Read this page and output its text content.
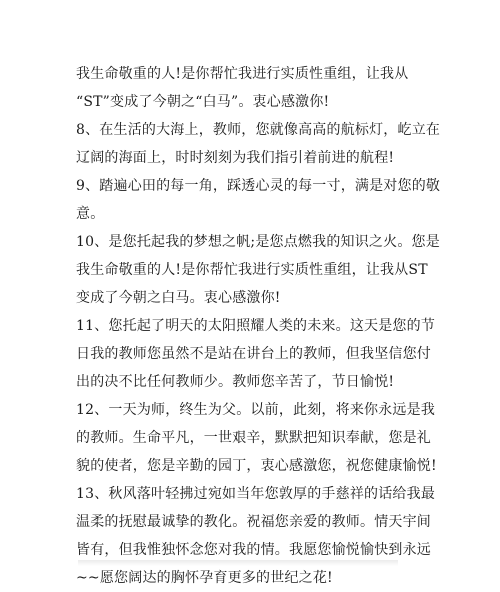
我生命敬重的人!是你帮忙我进行实质性重组，让我从
“ST”变成了今朝之“白马”。衷心感激你!
8、在生活的大海上，教师，您就像高高的航标灯，屹立在
辽阔的海面上，时时刻刻为我们指引着前进的航程!
9、踏遍心田的每一角，踩透心灵的每一寸，满是对您的敬
意。
10、是您托起我的梦想之帆;是您点燃我的知识之火。您是
我生命敬重的人!是你帮忙我进行实质性重组，让我从ST
变成了今朝之白马。衷心感激你!
11、您托起了明天的太阳照耀人类的未来。这天是您的节
日我的教师您虽然不是站在讲台上的教师，但我坚信您付
出的决不比任何教师少。教师您辛苦了，节日愉悦!
12、一天为师，终生为父。以前，此刻，将来你永远是我
的教师。生命平凡，一世艰辛，默默把知识奉献，您是礼
貌的使者，您是辛勤的园丁，衷心感激您，祝您健康愉悦!
13、秋风落叶轻拂过宛如当年您敦厚的手慈祥的话给我最
温柔的抚慰最诚挚的教化。祝福您亲爱的教师。情天宇间
皆有，但我惟独怀念您对我的情。我愿您愉悦愉快到永远
~~愿您阔达的胸怀孕育更多的世纪之花!
